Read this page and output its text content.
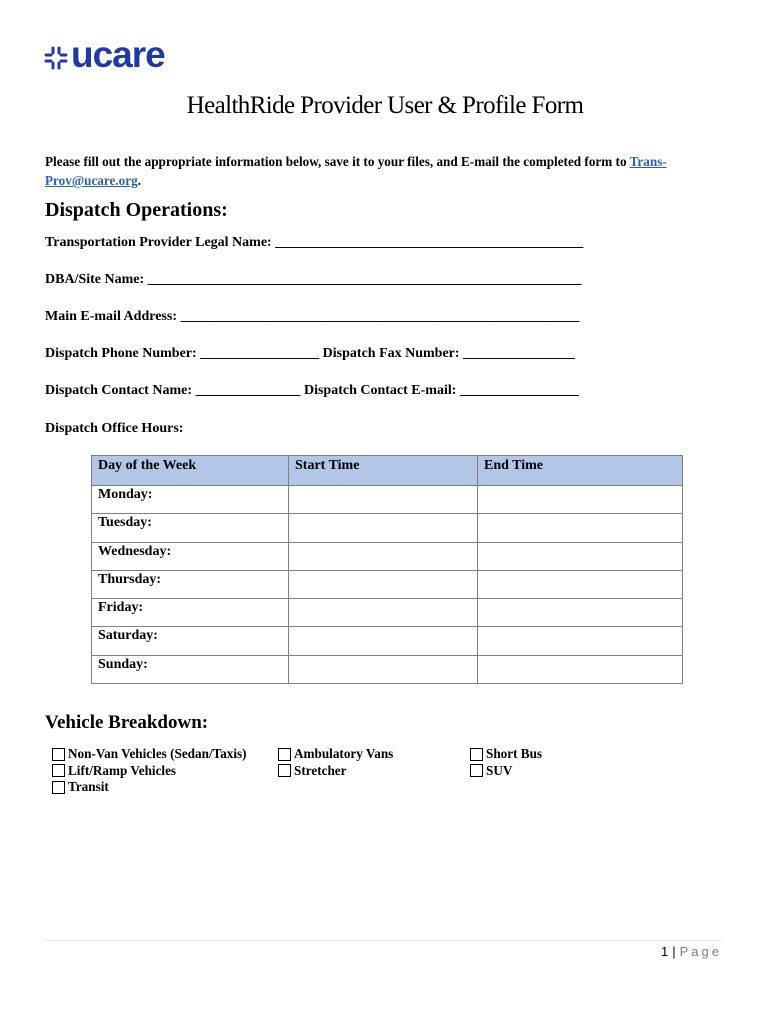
ucare
HealthRide Provider User & Profile Form
Please fill out the appropriate information below, save it to your files, and E-mail the completed form to Trans-Prov@ucare.org.
Dispatch Operations:
Transportation Provider Legal Name: ____________________________________________
DBA/Site Name: ______________________________________________________________
Main E-mail Address: _________________________________________________________
Dispatch Phone Number: _________________ Dispatch Fax Number: ________________
Dispatch Contact Name: _______________ Dispatch Contact E-mail: _________________
Dispatch Office Hours:
Day of the Week	Start Time	End Time
Monday:		
Tuesday:		
Wednesday:		
Thursday:		
Friday:		
Saturday:		
Sunday:		
Vehicle Breakdown:
Non-Van Vehicles (Sedan/Taxis)
Lift/Ramp Vehicles
Transit
Ambulatory Vans
Stretcher
Short Bus
SUV
1 | Page
